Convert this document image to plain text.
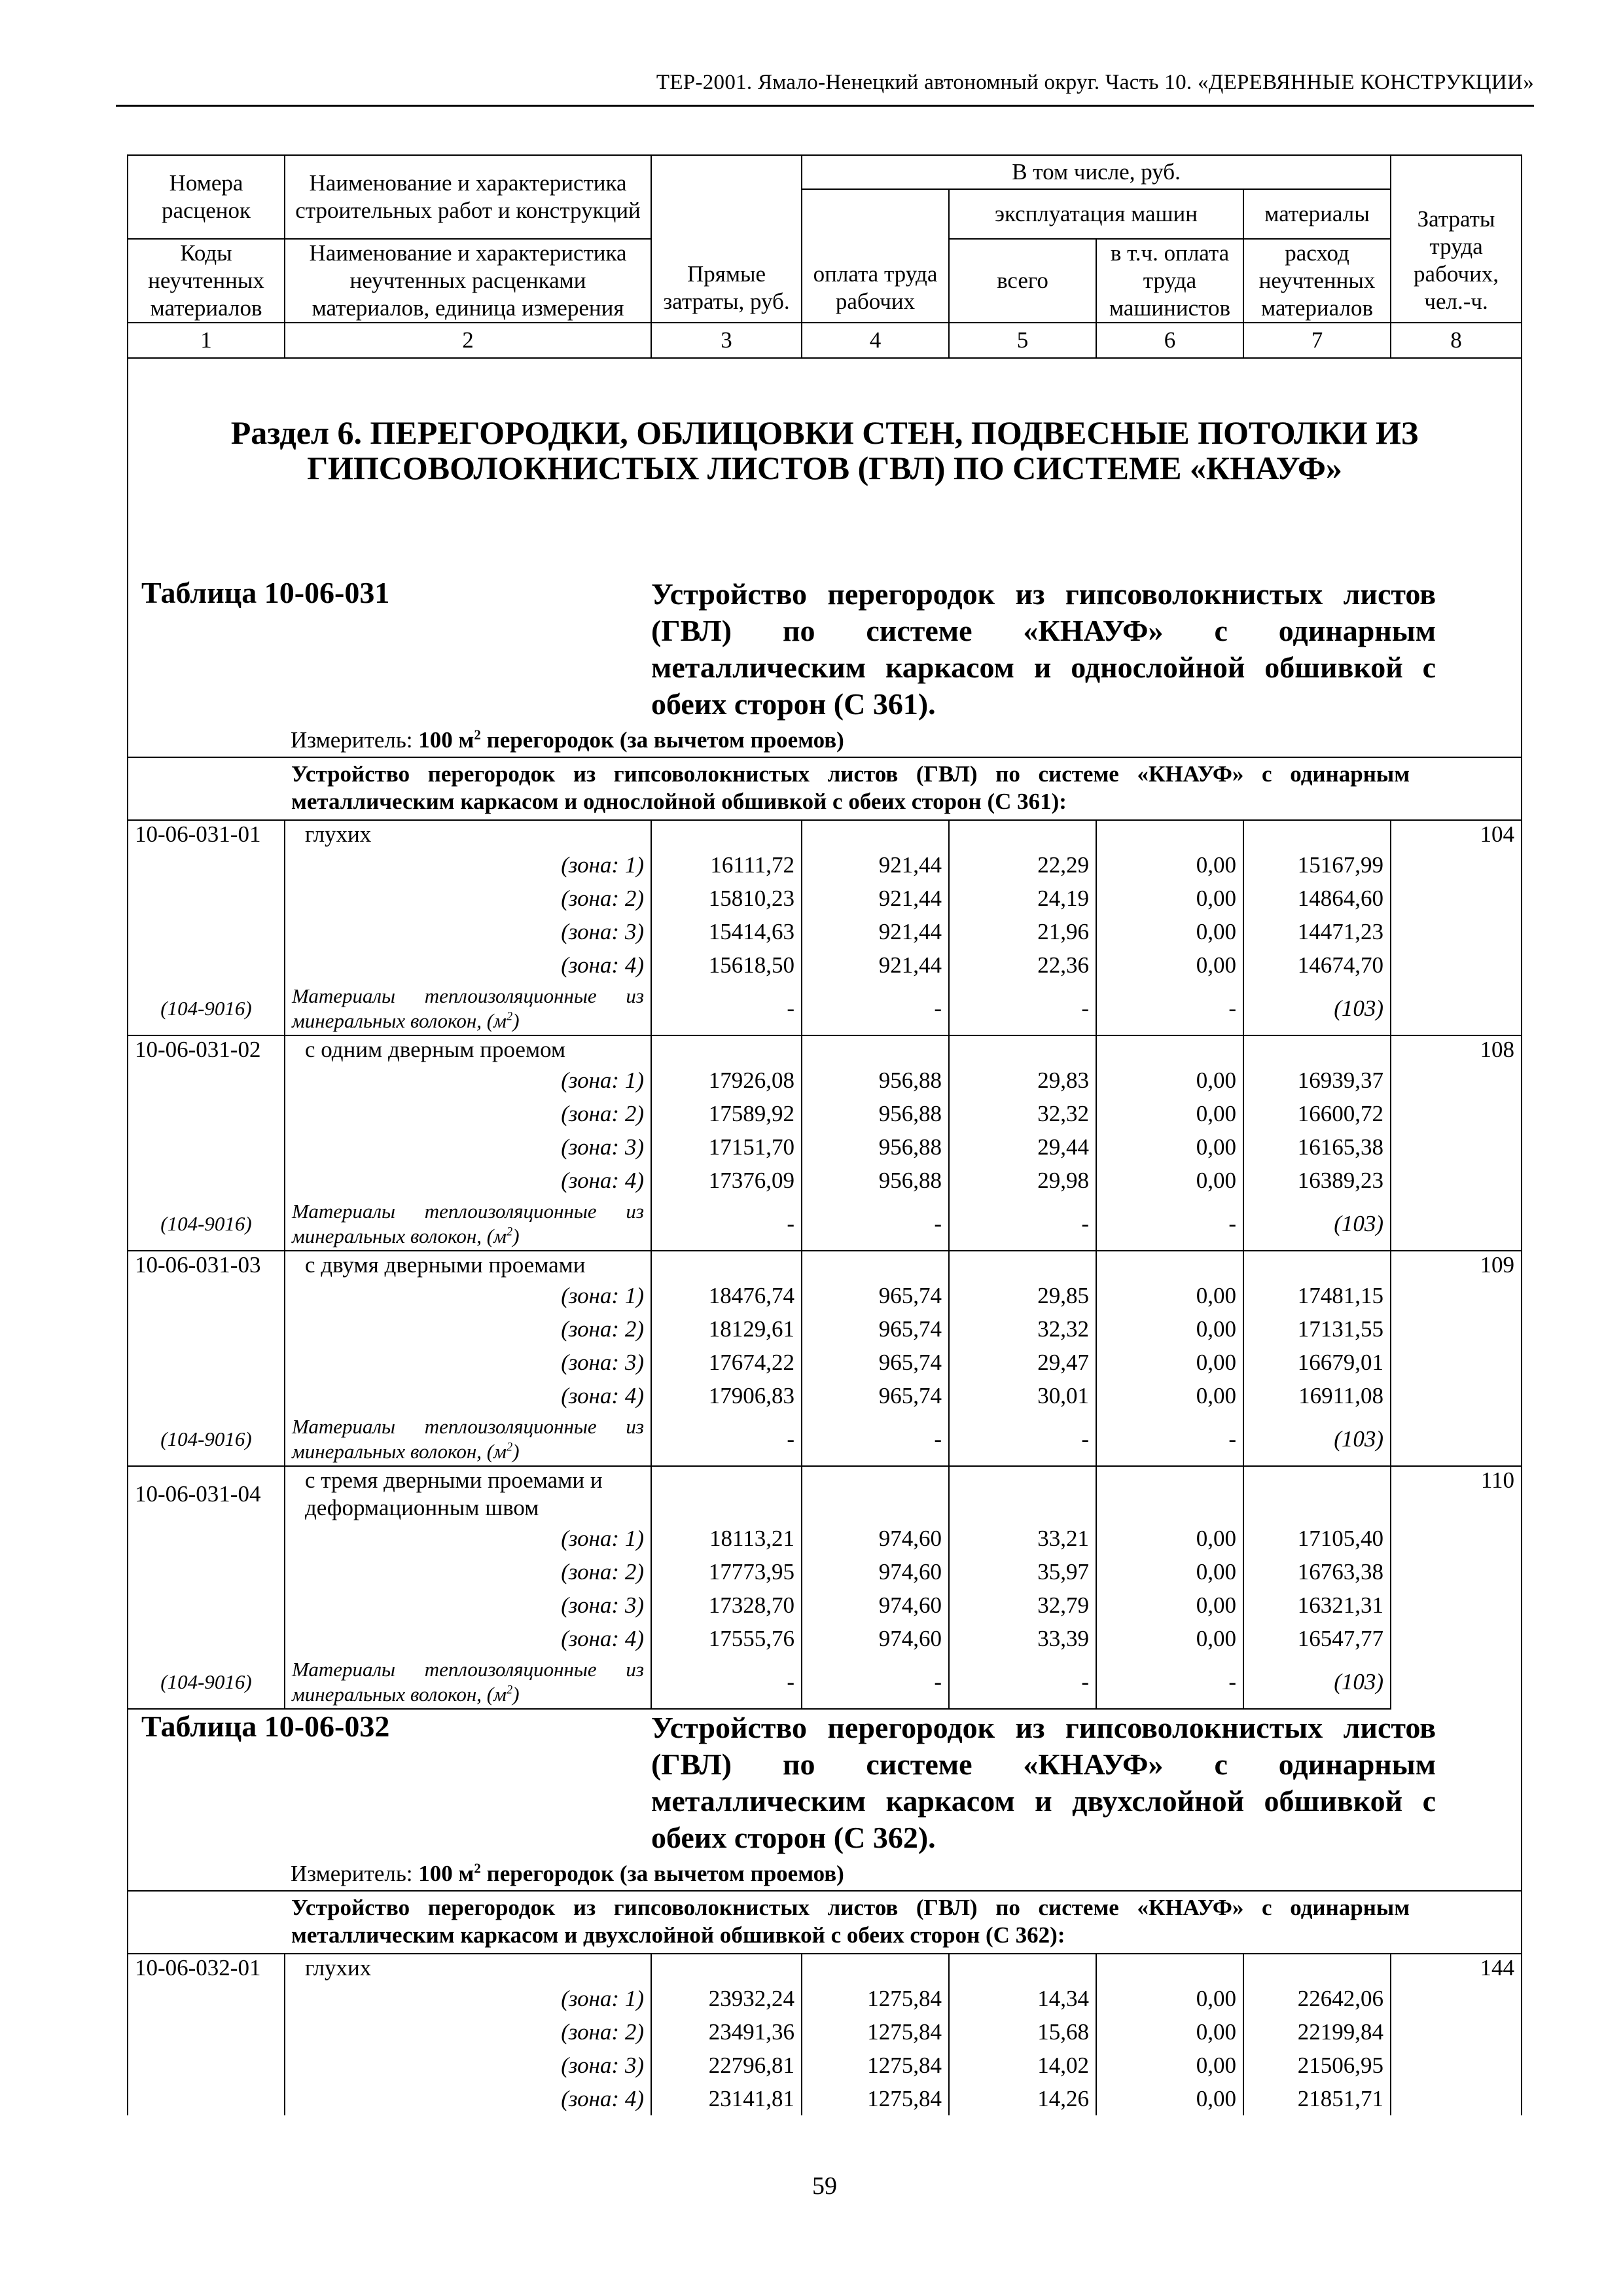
ТЕР-2001. Ямало-Ненецкий автономный округ. Часть 10. «ДЕРЕВЯННЫЕ КОНСТРУКЦИИ»
Номера расценок	Наименование и характеристика строительных работ и конструкций	Прямые затраты, руб.	В том числе, руб.				Затраты труда рабочих, чел.-ч.
			оплата труда рабочих	эксплуатация машин		материалы	
Коды неучтенных материалов	Наименование и характеристика неучтенных расценками материалов, единица измерения			всего	в т.ч. оплата труда машинистов	расход неучтенных материалов	
1	2	3	4	5	6	7	8
Раздел 6. ПЕРЕГОРОДКИ, ОБЛИЦОВКИ СТЕН, ПОДВЕСНЫЕ ПОТОЛКИ ИЗ ГИПСОВОЛОКНИСТЫХ ЛИСТОВ (ГВЛ) ПО СИСТЕМЕ «КНАУФ»							
Таблица 10-06-031		Устройство перегородок из гипсоволокнистых листов (ГВЛ) по системе «КНАУФ» с одинарным металлическим каркасом и однослойной обшивкой с обеих сторон (С 361).					

Измеритель: 100 $м^2$ перегородок (за вычетом проемов)							

	Устройство перегородок из гипсоволокнистых листов (ГВЛ) по системе «КНАУФ» с одинарным металлическим каркасом и однослойной обшивкой с обеих сторон (С 361):						
10-06-031-01	глухих						104
	(зона: 1)	16111,72	921,44	22,29	0,00	15167,99	
	(зона: 2)	15810,23	921,44	24,19	0,00	14864,60	
	(зона: 3)	15414,63	921,44	21,96	0,00	14471,23	
	(зона: 4)	15618,50	921,44	22,36	0,00	14674,70	
(104-9016)	Материалы теплоизоляционные из минеральных волокон, $(м^2)$	-	-	-	-	(103)	
10-06-031-02	с одним дверным проемом						108
	(зона: 1)	17926,08	956,88	29,83	0,00	16939,37	
	(зона: 2)	17589,92	956,88	32,32	0,00	16600,72	
	(зона: 3)	17151,70	956,88	29,44	0,00	16165,38	
	(зона: 4)	17376,09	956,88	29,98	0,00	16389,23	
(104-9016)	Материалы теплоизоляционные из минеральных волокон, $(м^2)$	-	-	-	-	(103)	
10-06-031-03	с двумя дверными проемами						109
	(зона: 1)	18476,74	965,74	29,85	0,00	17481,15	
	(зона: 2)	18129,61	965,74	32,32	0,00	17131,55	
	(зона: 3)	17674,22	965,74	29,47	0,00	16679,01	
	(зона: 4)	17906,83	965,74	30,01	0,00	16911,08	
(104-9016)	Материалы теплоизоляционные из минеральных волокон, $(м^2)$	-	-	-	-	(103)	
10-06-031-04	с тремя дверными проемами и деформационным швом						110
	(зона: 1)	18113,21	974,60	33,21	0,00	17105,40	
	(зона: 2)	17773,95	974,60	35,97	0,00	16763,38	
	(зона: 3)	17328,70	974,60	32,79	0,00	16321,31	
	(зона: 4)	17555,76	974,60	33,39	0,00	16547,77	
(104-9016)	Материалы теплоизоляционные из минеральных волокон, $(м^2)$	-	-	-	-	(103)	
Таблица 10-06-032		Устройство перегородок из гипсоволокнистых листов (ГВЛ) по системе «КНАУФ» с одинарным металлическим каркасом и двухслойной обшивкой с обеих сторон (С 362).					

Измеритель: 100 $м^2$ перегородок (за вычетом проемов)							

	Устройство перегородок из гипсоволокнистых листов (ГВЛ) по системе «КНАУФ» с одинарным металлическим каркасом и двухслойной обшивкой с обеих сторон (С 362):						
10-06-032-01	глухих						144
	(зона: 1)	23932,24	1275,84	14,34	0,00	22642,06	
	(зона: 2)	23491,36	1275,84	15,68	0,00	22199,84	
	(зона: 3)	22796,81	1275,84	14,02	0,00	21506,95	
	(зона: 4)	23141,81	1275,84	14,26	0,00	21851,71	
59
